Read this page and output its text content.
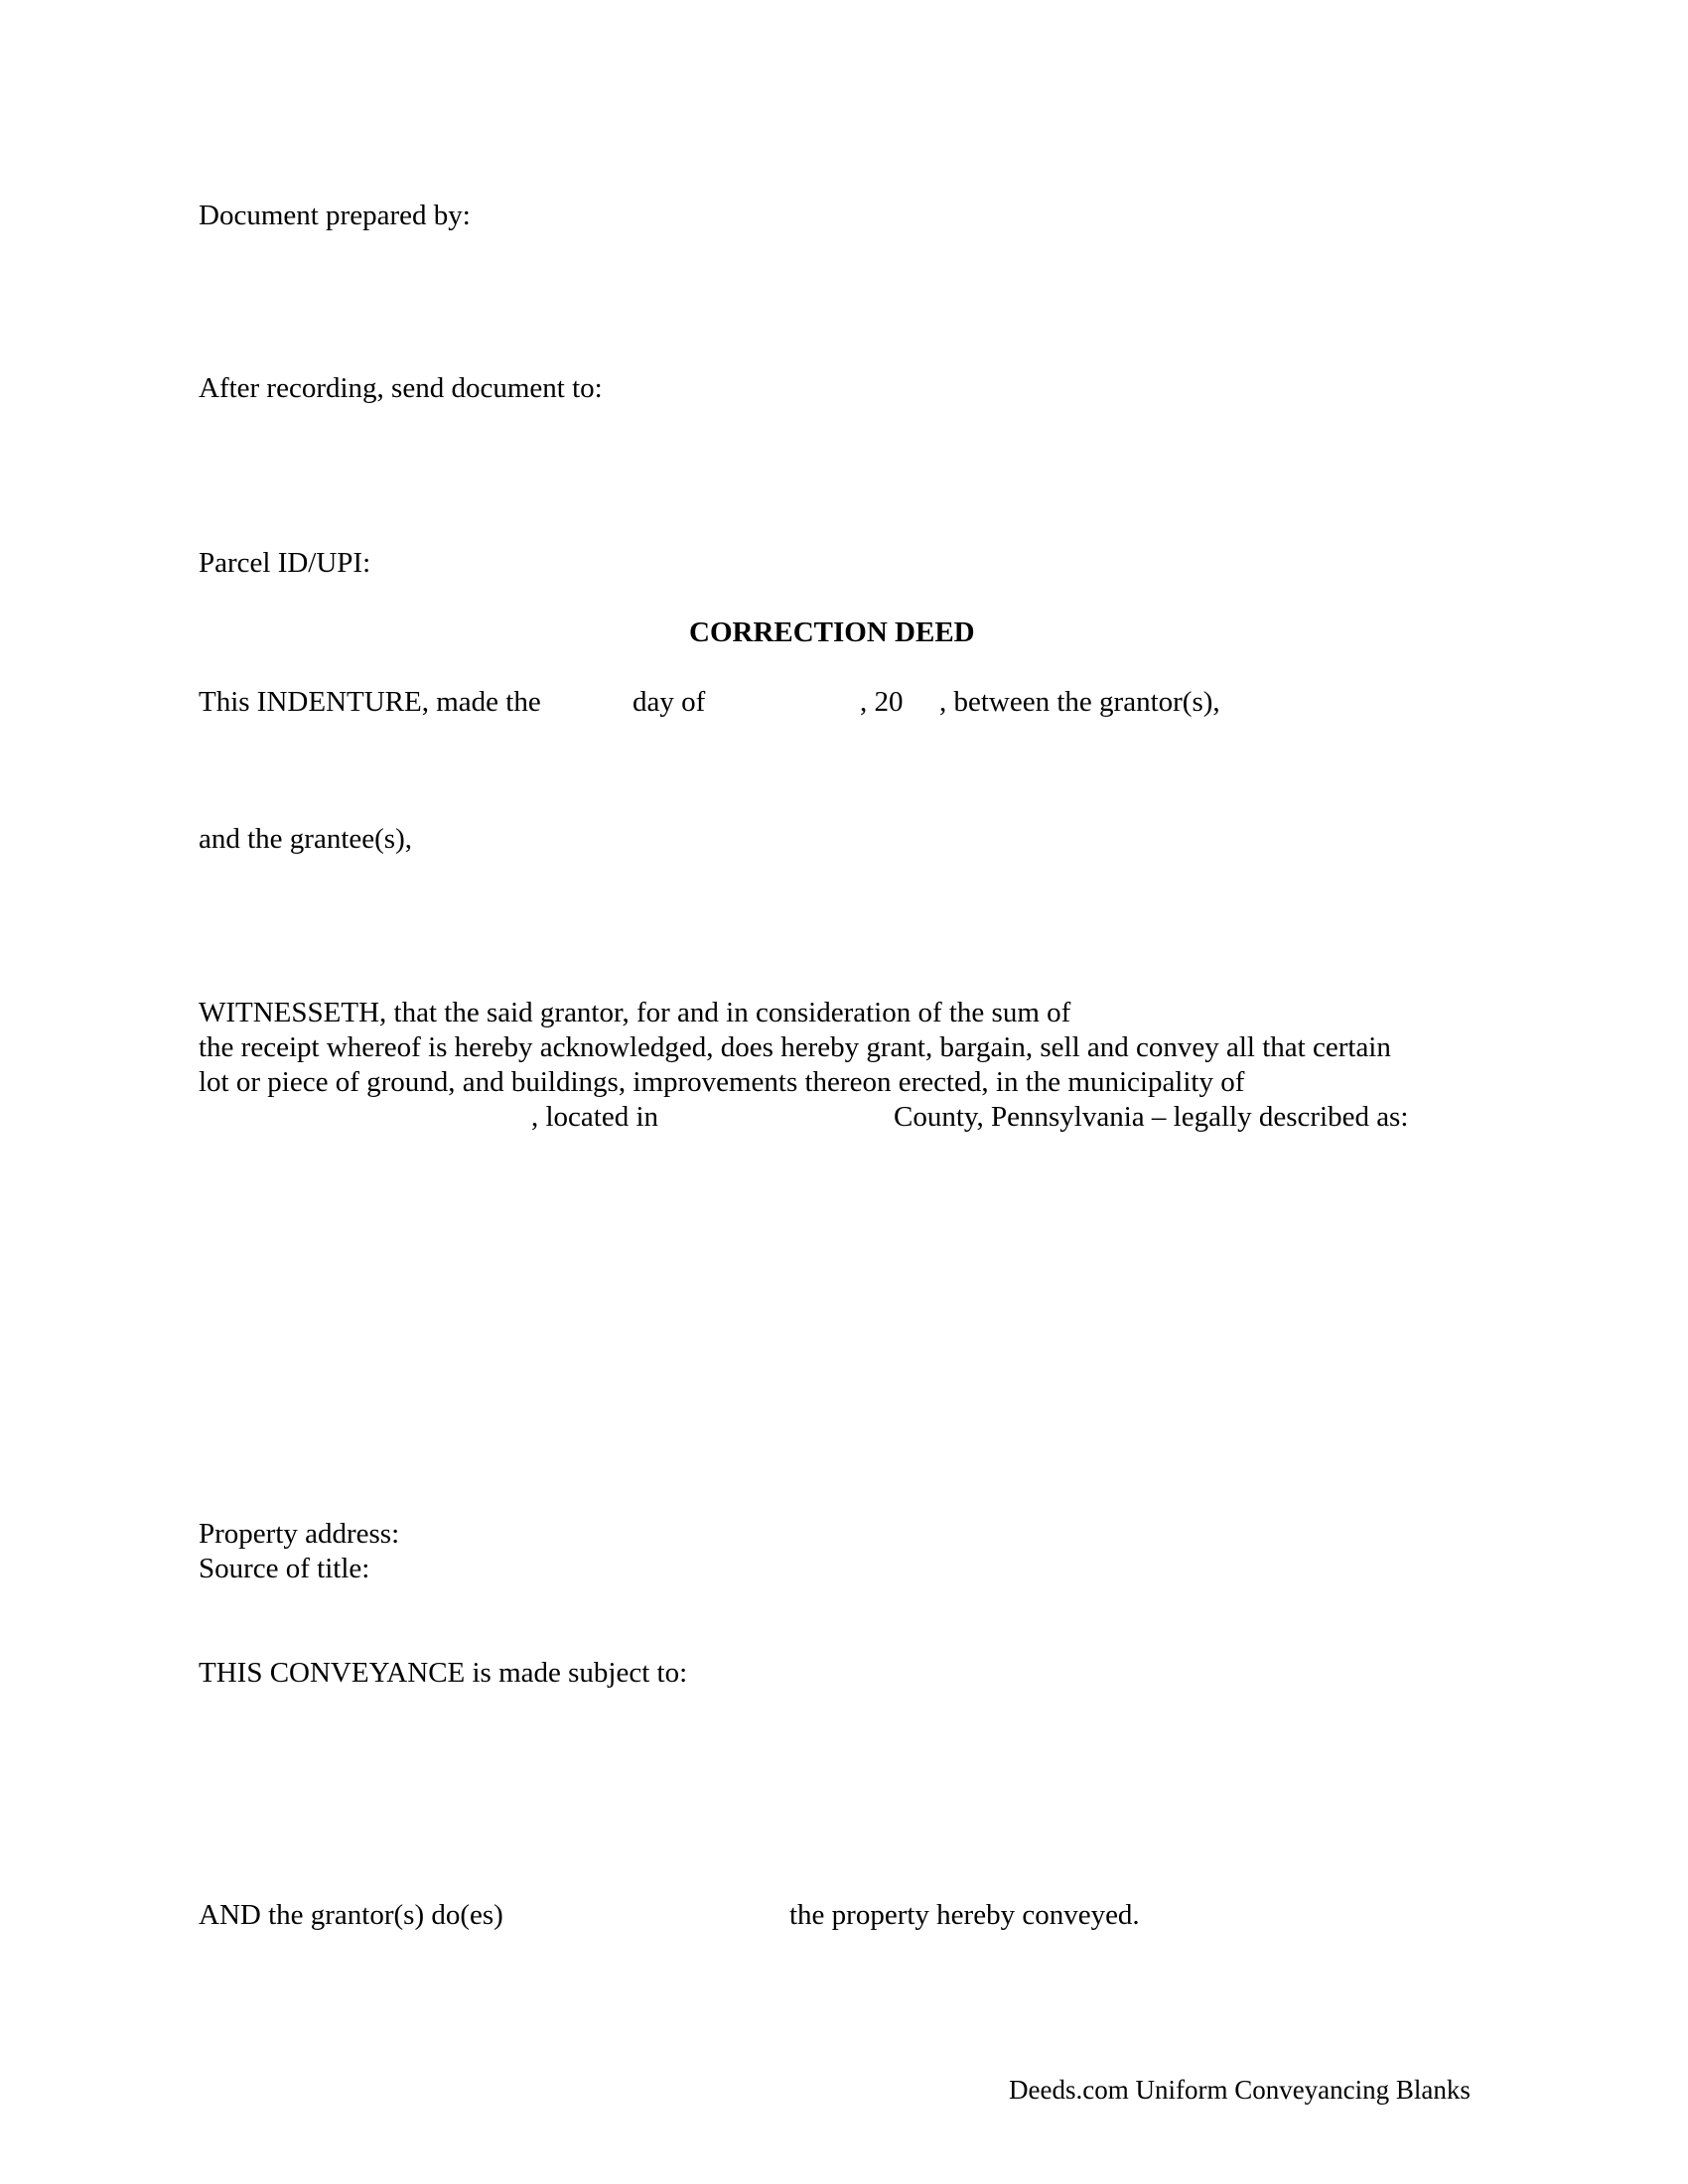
Document prepared by:
After recording, send document to:
Parcel ID/UPI:
CORRECTION DEED
This INDENTURE, made the	day of	, 20 , between the grantor(s),
and the grantee(s),
WITNESSETH, that the said grantor, for and in consideration of the sum of
the receipt whereof is hereby acknowledged, does hereby grant, bargain, sell and convey all that certain
lot or piece of ground, and buildings, improvements thereon erected, in the municipality of
, located in	County, Pennsylvania – legally described as:
Property address:
Source of title:
THIS CONVEYANCE is made subject to:
AND the grantor(s) do(es)	the property hereby conveyed.
Deeds.com Uniform Conveyancing Blanks
